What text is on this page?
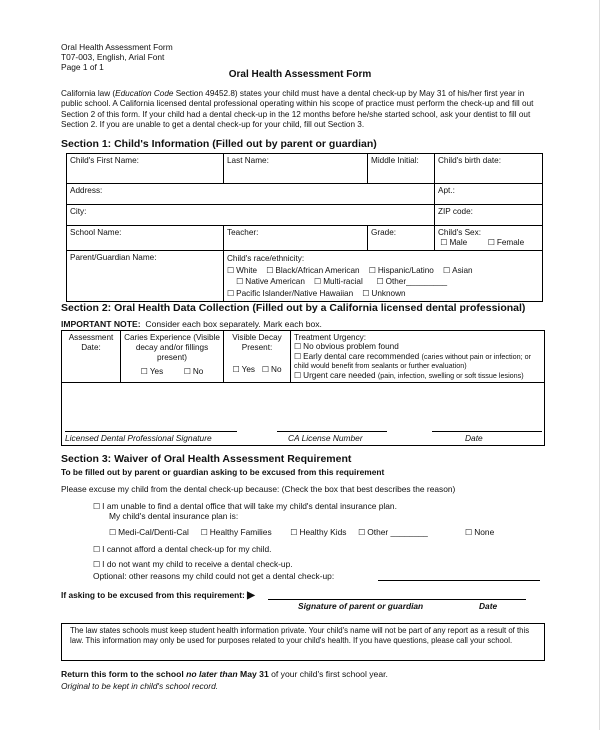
Oral Health Assessment Form
T07-003, English, Arial Font
Page 1 of 1
Oral Health Assessment Form
California law (Education Code Section 49452.8) states your child must have a dental check-up by May 31 of his/her first year in public school. A California licensed dental professional operating within his scope of practice must perform the check-up and fill out Section 2 of this form. If your child had a dental check-up in the 12 months before he/she started school, ask your dentist to fill out Section 2. If you are unable to get a dental check-up for your child, fill out Section 3.
Section 1: Child's Information (Filled out by parent or guardian)
Child's First Name:	Last Name:	Middle Initial:	Child's birth date:
Address:			Apt.:
City:			ZIP code:
School Name:	Teacher:	Grade:	Child's Sex:
☐ Male ☐ Female

Parent/Guardian Name:	Child's race/ethnicity:
☐ White ☐ Black/African American ☐ Hispanic/Latino ☐ Asian
☐ Native American ☐ Multi-racial ☐ Other_________
☐ Pacific Islander/Native Hawaiian ☐ Unknown		
Section 2: Oral Health Data Collection (Filled out by a California licensed dental professional)
IMPORTANT NOTE: Consider each box separately. Mark each box.
Assessment Date:	
Caries Experience (Visible decay and/or fillings present)
☐ Yes	☐ No

Visible Decay Present:
☐ Yes ☐ No

Treatment Urgency:
☐ No obvious problem found
☐ Early dental care recommended (caries without pain or infection; or child would benefit from sealants or further evaluation)
☐ Urgent care needed (pain, infection, swelling or soft tissue lesions)

Licensed Dental Professional Signature	CA License Number	Date
Section 3: Waiver of Oral Health Assessment Requirement
To be filled out by parent or guardian asking to be excused from this requirement
Please excuse my child from the dental check-up because: (Check the box that best describes the reason)
☐ I am unable to find a dental office that will take my child's dental insurance plan.
My child's dental insurance plan is:
☐ Medi-Cal/Denti-Cal ☐ Healthy Families ☐ Healthy Kids ☐ Other ________	☐ None
☐ I cannot afford a dental check-up for my child.
☐ I do not want my child to receive a dental check-up.
Optional: other reasons my child could not get a dental check-up:
If asking to be excused from this requirement: ▶
Signature of parent or guardian	Date
The law states schools must keep student health information private. Your child's name will not be part of any report as a result of this law. This information may only be used for purposes related to your child's health. If you have questions, please call your school.
Return this form to the school no later than May 31 of your child's first school year.
Original to be kept in child's school record.
